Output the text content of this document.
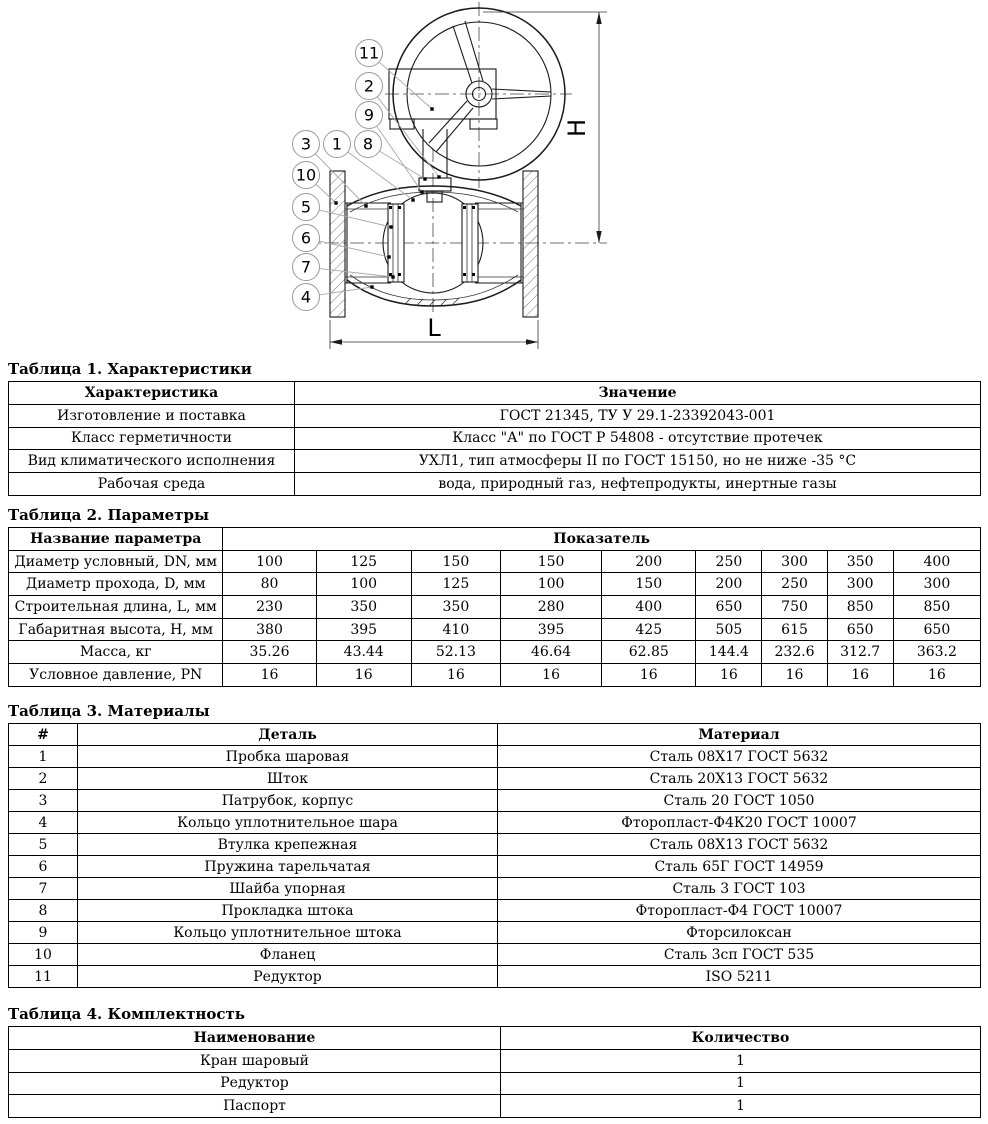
H
L
11
2
9
3 1 8
10
5
6
7
4
Таблица 1. Характеристики
Характеристика	Значение
Изготовление и поставка	ГОСТ 21345, ТУ У 29.1-23392043-001
Класс герметичности	Класс "А" по ГОСТ Р 54808 - отсутствие протечек
Вид климатического исполнения	УХЛ1, тип атмосферы II по ГОСТ 15150, но не ниже -35 °C
Рабочая среда	вода, природный газ, нефтепродукты, инертные газы
Таблица 2. Параметры
Название параметра	Показатель								
Диаметр условный, DN, мм	100	125	150	150	200	250	300	350	400
Диаметр прохода, D, мм	80	100	125	100	150	200	250	300	300
Строительная длина, L, мм	230	350	350	280	400	650	750	850	850
Габаритная высота, H, мм	380	395	410	395	425	505	615	650	650
Масса, кг	35.26	43.44	52.13	46.64	62.85	144.4	232.6	312.7	363.2
Условное давление, PN	16	16	16	16	16	16	16	16	16
Таблица 3. Материалы
#	Деталь	Материал
1	Пробка шаровая	Сталь 08Х17 ГОСТ 5632
2	Шток	Сталь 20Х13 ГОСТ 5632
3	Патрубок, корпус	Сталь 20 ГОСТ 1050
4	Кольцо уплотнительное шара	Фторопласт-Ф4К20 ГОСТ 10007
5	Втулка крепежная	Сталь 08Х13 ГОСТ 5632
6	Пружина тарельчатая	Сталь 65Г ГОСТ 14959
7	Шайба упорная	Сталь 3 ГОСТ 103
8	Прокладка штока	Фторопласт-Ф4 ГОСТ 10007
9	Кольцо уплотнительное штока	Фторсилоксан
10	Фланец	Сталь 3сп ГОСТ 535
11	Редуктор	ISO 5211
Таблица 4. Комплектность
Наименование	Количество
Кран шаровый	1
Редуктор	1
Паспорт	1
